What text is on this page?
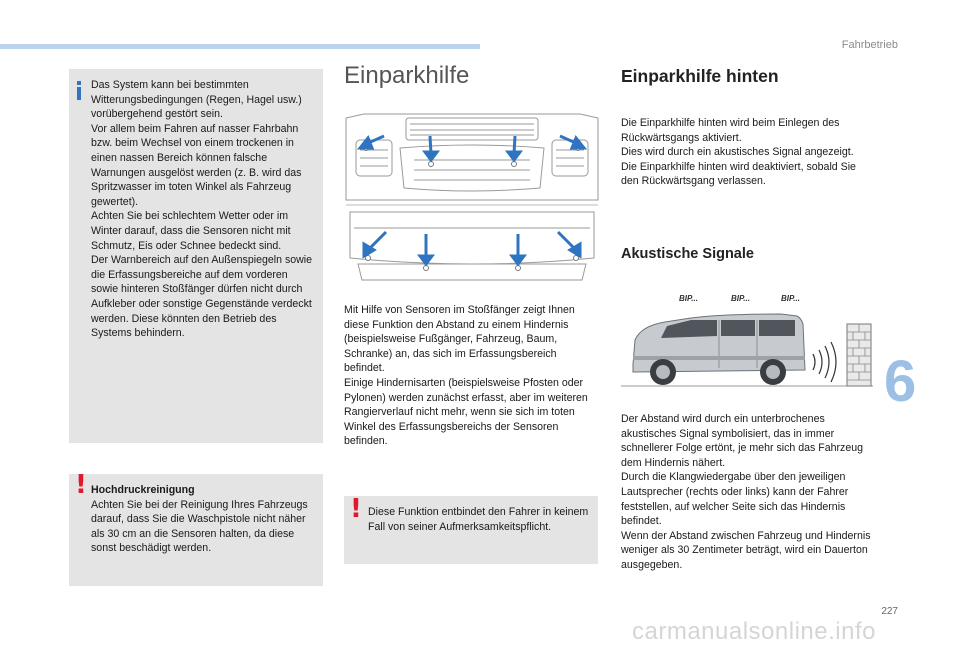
Fahrbetrieb
6

Das System kann bei bestimmten Witterungsbedingungen (Regen, Hagel usw.) vorübergehend gestört sein.

Vor allem beim Fahren auf nasser Fahrbahn bzw. beim Wechsel von einem trockenen in einen nassen Bereich können falsche Warnungen ausgelöst werden (z. B. wird das Spritzwasser im toten Winkel als Fahrzeug gewertet).

Achten Sie bei schlechtem Wetter oder im Winter darauf, dass die Sensoren nicht mit Schmutz, Eis oder Schnee bedeckt sind.

Der Warnbereich auf den Außenspiegeln sowie die Erfassungsbereiche auf dem vorderen sowie hinteren Stoßfänger dürfen nicht durch Aufkleber oder sonstige Gegenstände verdeckt werden. Diese könnten den Betrieb des Systems behindern.

! Hochdruckreinigung

Achten Sie bei der Reinigung Ihres Fahrzeugs darauf, dass Sie die Waschpistole nicht näher als 30 cm an die Sensoren halten, da diese sonst beschädigt werden.

Einparkhilfe

Mit Hilfe von Sensoren im Stoßfänger zeigt Ihnen diese Funktion den Abstand zu einem Hindernis (beispielsweise Fußgänger, Fahrzeug, Baum, Schranke) an, das sich im Erfassungsbereich befindet.

Einige Hindernisarten (beispielsweise Pfosten oder Pylonen) werden zunächst erfasst, aber im weiteren Rangierverlauf nicht mehr, wenn sie sich im toten Winkel des Erfassungsbereichs der Sensoren befinden.

! Diese Funktion entbindet den Fahrer in keinem Fall von seiner Aufmerksamkeitspflicht.

Einparkhilfe hinten

Die Einparkhilfe hinten wird beim Einlegen des Rückwärtsgangs aktiviert.

Dies wird durch ein akustisches Signal angezeigt.

Die Einparkhilfe hinten wird deaktiviert, sobald Sie den Rückwärtsgang verlassen.

Akustische Signale
BIP...	BIP...	BIP...

Der Abstand wird durch ein unterbrochenes akustisches Signal symbolisiert, das in immer schnellerer Folge ertönt, je mehr sich das Fahrzeug dem Hindernis nähert.

Durch die Klangwiedergabe über den jeweiligen Lautsprecher (rechts oder links) kann der Fahrer feststellen, auf welcher Seite sich das Hindernis befindet.

Wenn der Abstand zwischen Fahrzeug und Hindernis weniger als 30 Zentimeter beträgt, wird ein Dauerton ausgegeben.

227
carmanualsonline.info
